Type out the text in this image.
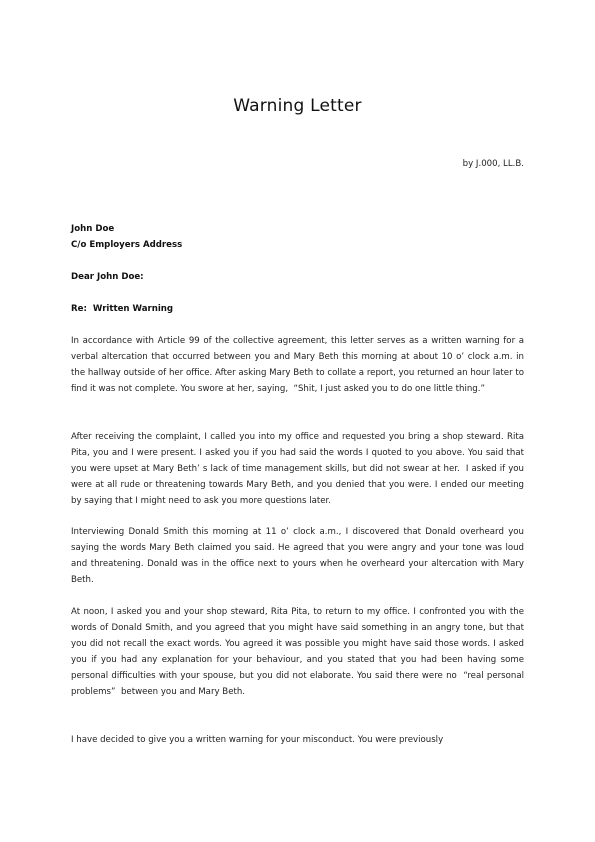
Warning Letter
by J.000, LL.B.
John Doe
C/o Employers Address
Dear John Doe:
Re:  Written Warning

In accordance with Article 99 of the collective agreement, this letter serves as a written warning for a verbal altercation that occurred between you and Mary Beth this morning at about 10 o’ clock a.m. in the hallway outside of her office. After asking Mary Beth to collate a report, you returned an hour later to find it was not complete. You swore at her, saying,  “Shit, I just asked you to do one little thing.”

After receiving the complaint, I called you into my office and requested you bring a shop steward. Rita Pita, you and I were present. I asked you if you had said the words I quoted to you above. You said that you were upset at Mary Beth’ s lack of time management skills, but did not swear at her.  I asked if you were at all rude or threatening towards Mary Beth, and you denied that you were. I ended our meeting by saying that I might need to ask you more questions later.

Interviewing Donald Smith this morning at 11 o’ clock a.m., I discovered that Donald overheard you saying the words Mary Beth claimed you said. He agreed that you were angry and your tone was loud and threatening. Donald was in the office next to yours when he overheard your altercation with Mary Beth.

At noon, I asked you and your shop steward, Rita Pita, to return to my office. I confronted you with the words of Donald Smith, and you agreed that you might have said something in an angry tone, but that you did not recall the exact words. You agreed it was possible you might have said those words. I asked you if you had any explanation for your behaviour, and you stated that you had been having some personal difficulties with your spouse, but you did not elaborate. You said there were no  “real personal problems”  between you and Mary Beth.

I have decided to give you a written warning for your misconduct. You were previously
